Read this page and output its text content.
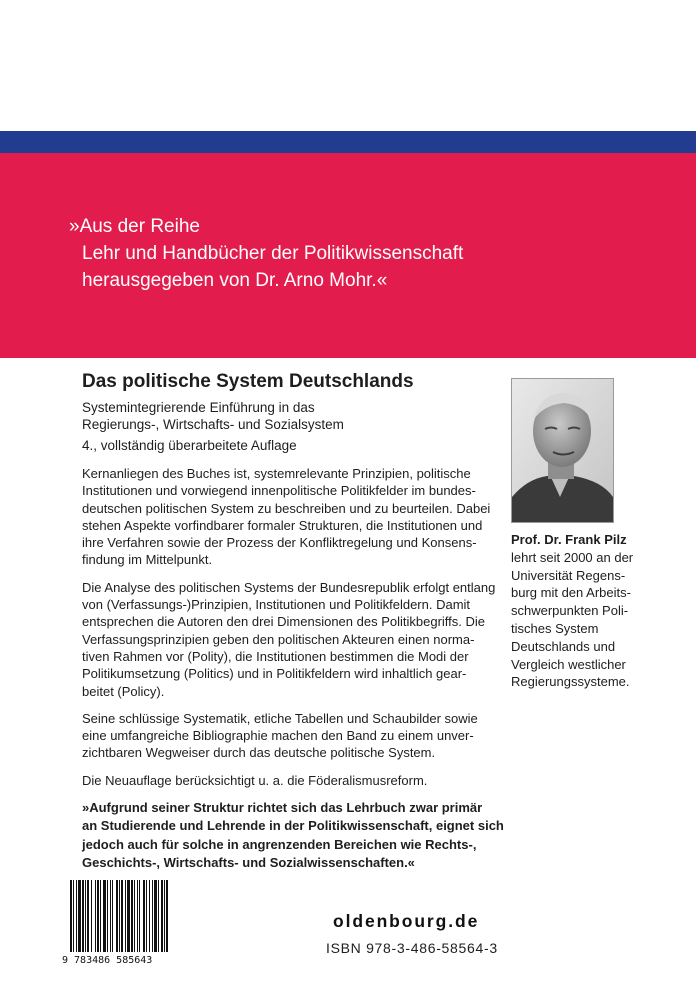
»Aus der Reihe
Lehr und Handbücher der Politikwissenschaft
herausgegeben von Dr. Arno Mohr.«

Das politische System Deutschlands
Systemintegrierende Einführung in das
Regierungs-, Wirtschafts- und Sozialsystem
4., vollständig überarbeitete Auflage

Kernanliegen des Buches ist, systemrelevante Prinzipien, politische
Institutionen und vorwiegend innenpolitische Politikfelder im bundes-
deutschen politischen System zu beschreiben und zu beurteilen. Dabei
stehen Aspekte vorfindbarer formaler Strukturen, die Institutionen und
ihre Verfahren sowie der Prozess der Konfliktregelung und Konsens-
findung im Mittelpunkt.

Die Analyse des politischen Systems der Bundesrepublik erfolgt entlang
von (Verfassungs-)Prinzipien, Institutionen und Politikfeldern. Damit
entsprechen die Autoren den drei Dimensionen des Politikbegriffs. Die
Verfassungsprinzipien geben den politischen Akteuren einen norma-
tiven Rahmen vor (Polity), die Institutionen bestimmen die Modi der
Politikumsetzung (Politics) und in Politikfeldern wird inhaltlich gear-
beitet (Policy).

Seine schlüssige Systematik, etliche Tabellen und Schaubilder sowie
eine umfangreiche Bibliographie machen den Band zu einem unver-
zichtbaren Wegweiser durch das deutsche politische System.

Die Neuauflage berücksichtigt u. a. die Föderalismusreform.

Prof. Dr. Frank Pilz
lehrt seit 2000 an der
Universität Regens-
burg mit den Arbeits-
schwerpunkten Poli-
tisches System
Deutschlands und
Vergleich westlicher
Regierungssysteme.
»Aufgrund seiner Struktur richtet sich das Lehrbuch zwar primär
an Studierende und Lehrende in der Politikwissenschaft, eignet sich
jedoch auch für solche in angrenzenden Bereichen wie Rechts-,
Geschichts-, Wirtschafts- und Sozialwissenschaften.«
9 783486 585643
oldenbourg.de
ISBN 978-3-486-58564-3
